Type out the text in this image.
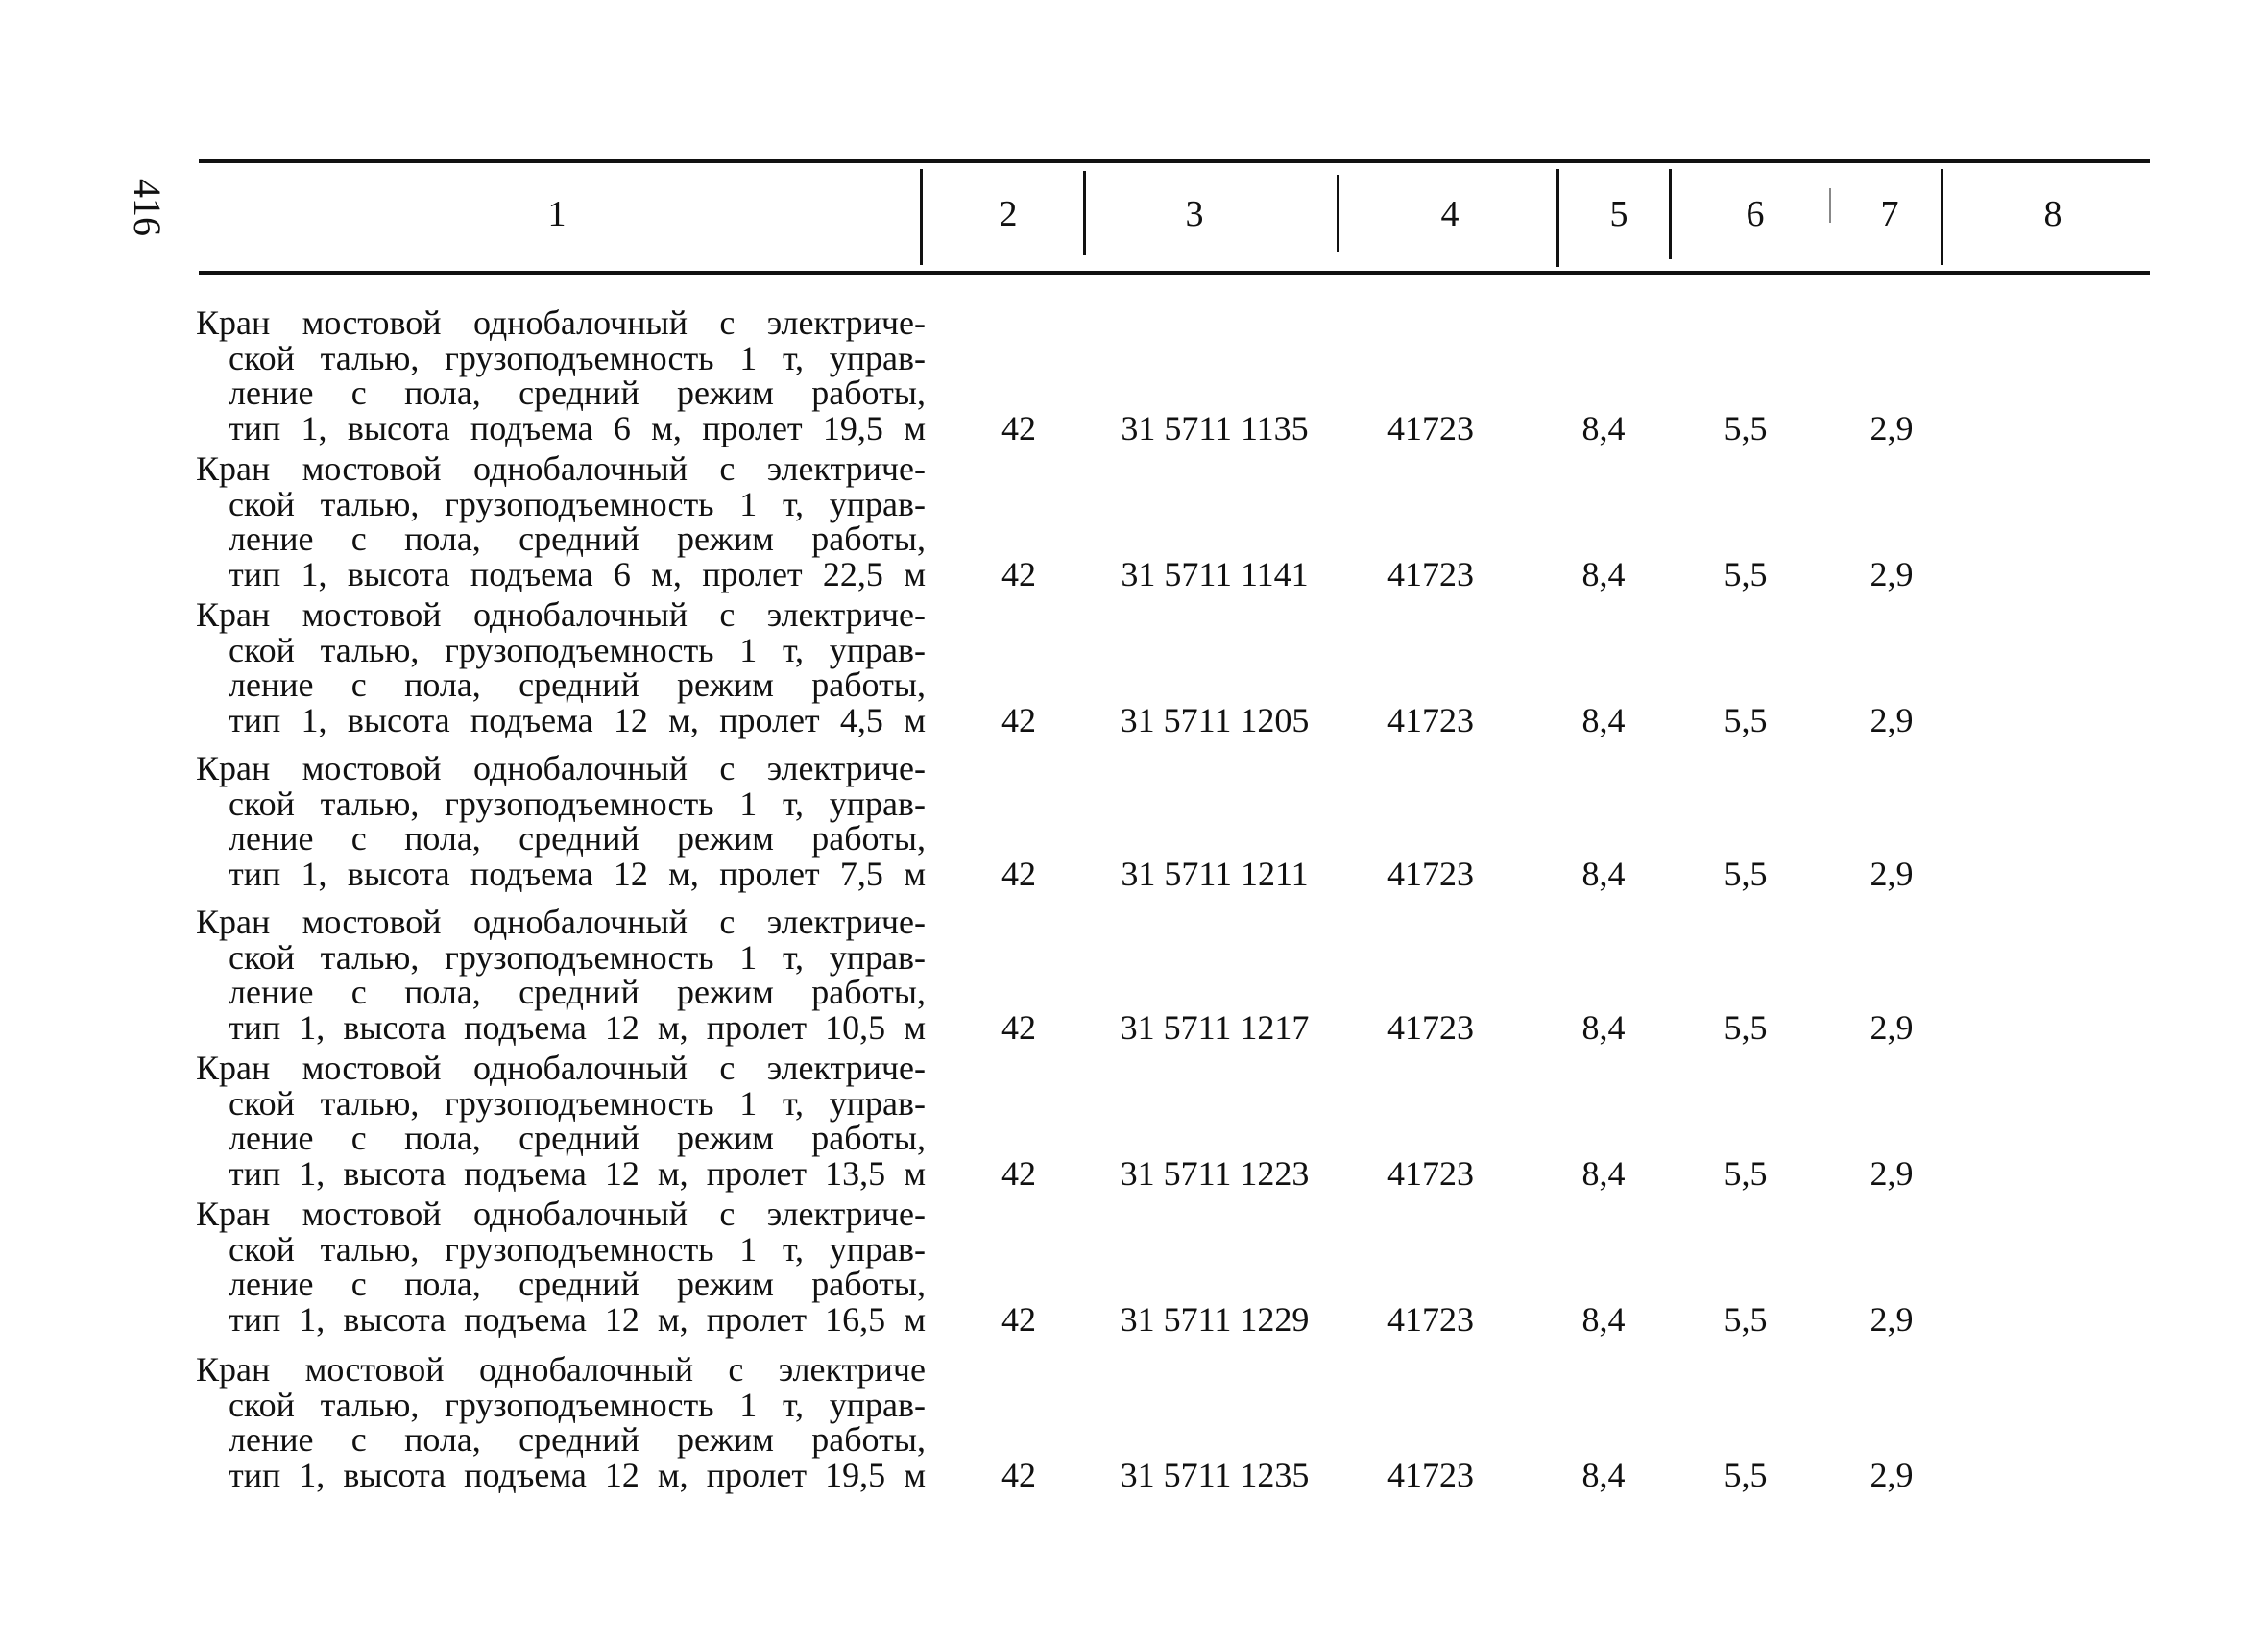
416	1	2	3	4	5	6	7	8
Кран мостовой однобалочный с электриче-
ской талью, грузоподъемность 1 т, управ-
ление с пола, средний режим работы,
тип 1, высота подъема 6 м, пролет 19,5 м	42	31 5711 1135	41723	8,4	5,5	2,9
Кран мостовой однобалочный с электриче-
ской талью, грузоподъемность 1 т, управ-
ление с пола, средний режим работы,
тип 1, высота подъема 6 м, пролет 22,5 м	42	31 5711 1141	41723	8,4	5,5	2,9
Кран мостовой однобалочный с электриче-
ской талью, грузоподъемность 1 т, управ-
ление с пола, средний режим работы,
тип 1, высота подъема 12 м, пролет 4,5 м	42	31 5711 1205	41723	8,4	5,5	2,9
Кран мостовой однобалочный с электриче-
ской талью, грузоподъемность 1 т, управ-
ление с пола, средний режим работы,
тип 1, высота подъема 12 м, пролет 7,5 м	42	31 5711 1211	41723	8,4	5,5	2,9
Кран мостовой однобалочный с электриче-
ской талью, грузоподъемность 1 т, управ-
ление с пола, средний режим работы,
тип 1, высота подъема 12 м, пролет 10,5 м	42	31 5711 1217	41723	8,4	5,5	2,9
Кран мостовой однобалочный с электриче-
ской талью, грузоподъемность 1 т, управ-
ление с пола, средний режим работы,
тип 1, высота подъема 12 м, пролет 13,5 м	42	31 5711 1223	41723	8,4	5,5	2,9
Кран мостовой однобалочный с электриче-
ской талью, грузоподъемность 1 т, управ-
ление с пола, средний режим работы,
тип 1, высота подъема 12 м, пролет 16,5 м	42	31 5711 1229	41723	8,4	5,5	2,9
Кран мостовой однобалочный с электриче
ской талью, грузоподъемность 1 т, управ-
ление с пола, средний режим работы,
тип 1, высота подъема 12 м, пролет 19,5 м	42	31 5711 1235	41723	8,4	5,5	2,9
